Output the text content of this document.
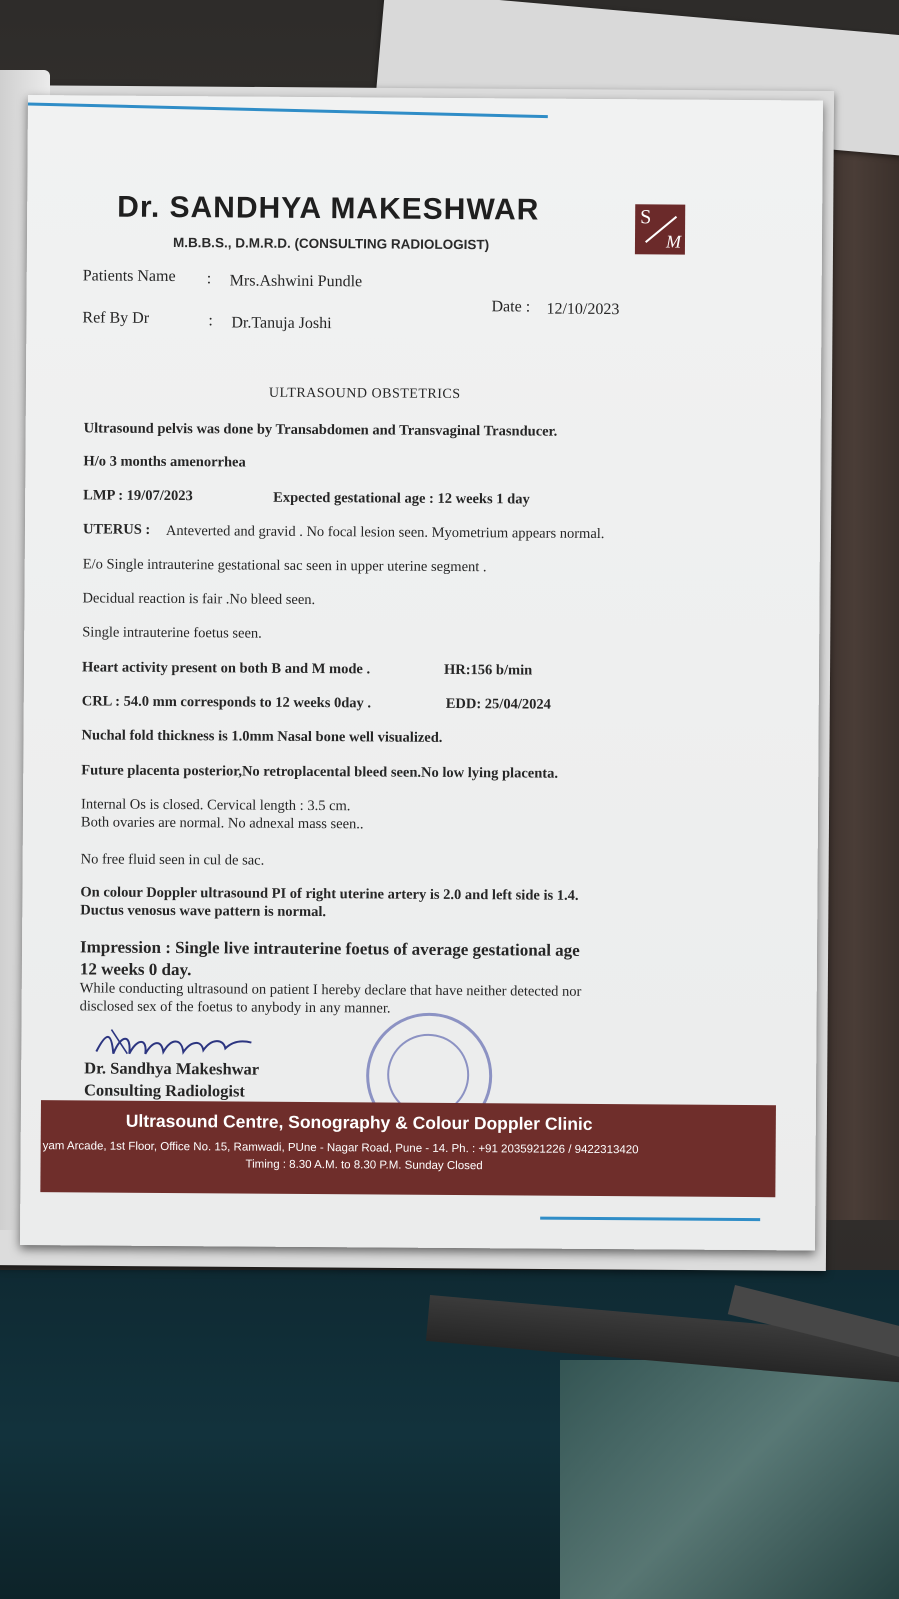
Dr. SANDHYA MAKESHWAR
M.B.B.S., D.M.R.D. (CONSULTING RADIOLOGIST)
S
M
Patients Name : Mrs.Ashwini Pundle
Date : 12/10/2023
Ref By Dr	: Dr.Tanuja Joshi
ULTRASOUND OBSTETRICS
Ultrasound pelvis was done by Transabdomen and Transvaginal Trasnducer.
H/o 3 months amenorrhea
LMP : 19/07/2023	Expected gestational age : 12 weeks 1 day
UTERUS : Anteverted and gravid . No focal lesion seen. Myometrium appears normal.
E/o Single intrauterine gestational sac seen in upper uterine segment .
Decidual reaction is fair .No bleed seen.
Single intrauterine foetus seen.
Heart activity present on both B and M mode .	HR:156 b/min
CRL : 54.0 mm corresponds to 12 weeks 0day .	EDD: 25/04/2024
Nuchal fold thickness is 1.0mm Nasal bone well visualized.
Future placenta posterior,No retroplacental bleed seen.No low lying placenta.
Internal Os is closed. Cervical length : 3.5 cm.
Both ovaries are normal. No adnexal mass seen..
No free fluid seen in cul de sac.
On colour Doppler ultrasound PI of right uterine artery is 2.0 and left side is 1.4.
Ductus venosus wave pattern is normal.
Impression : Single live intrauterine foetus of average gestational age
12 weeks 0 day.
While conducting ultrasound on patient I hereby declare that have neither detected nor
disclosed sex of the foetus to anybody in any manner.
Dr. Sandhya Makeshwar
Consulting Radiologist
Ultrasound Centre, Sonography & Colour Doppler Clinic
yam Arcade, 1st Floor, Office No. 15, Ramwadi, PUne - Nagar Road, Pune - 14. Ph. : +91 2035921226 / 9422313420
Timing : 8.30 A.M. to 8.30 P.M. Sunday Closed
